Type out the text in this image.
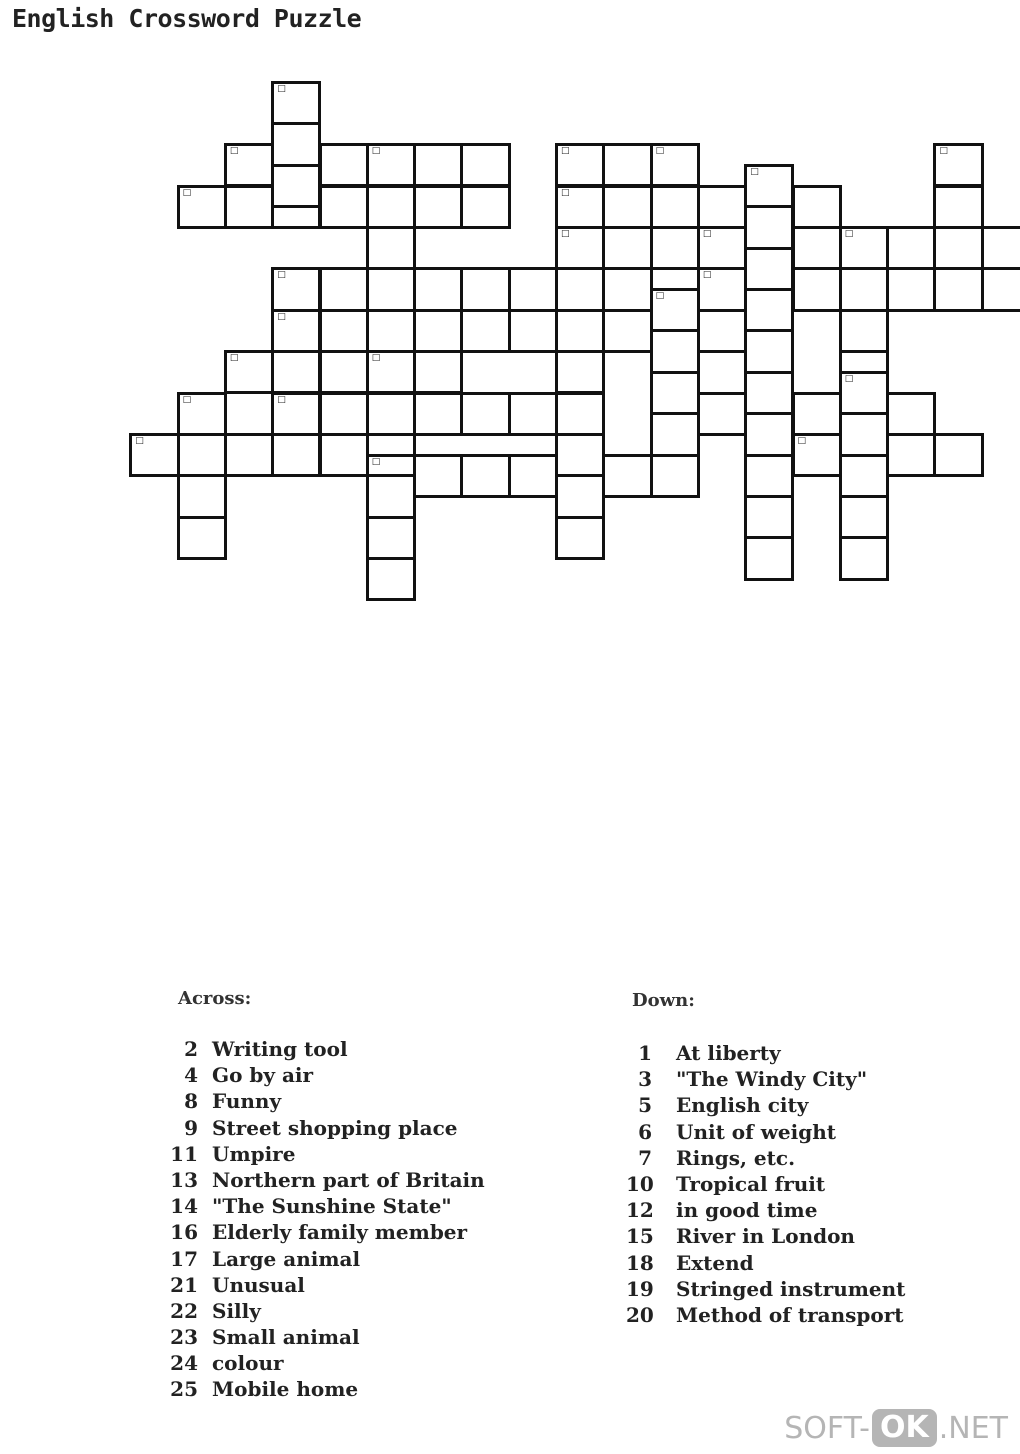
English Crossword Puzzle
□	□	□	□
□	□
□	□
□	□
□
□	□
□
□	□
□
□
□
□
□
□
□
□
Across:
2 Writing tool
4 Go by air
8 Funny
9 Street shopping place
11 Umpire
13 Northern part of Britain
14 "The Sunshine State"
16 Elderly family member
17 Large animal
21 Unusual
22 Silly
23 Small animal
24 colour
25 Mobile home
Down:
1 At liberty
3 "The Windy City"
5 English city
6 Unit of weight
7 Rings, etc.
10 Tropical fruit
12 in good time
15 River in London
18 Extend
19 Stringed instrument
20 Method of transport
SOFT- OK .NET
